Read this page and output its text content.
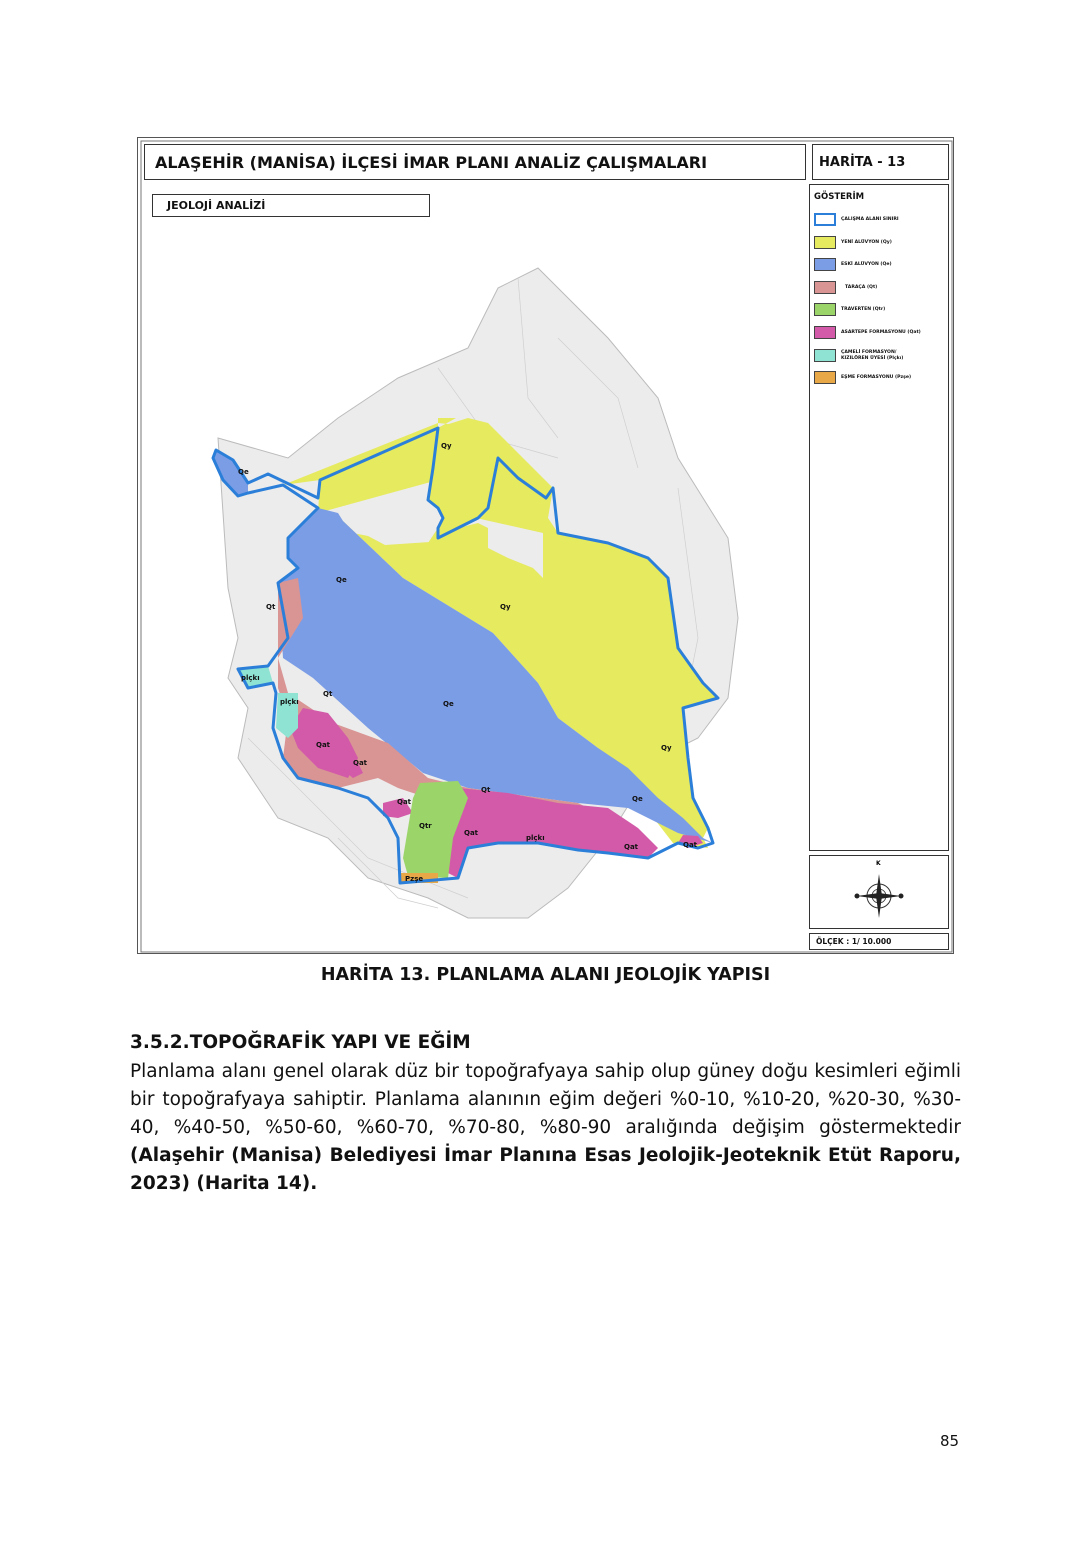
Qe
Qy
Qe
Qt	Qy
plçkı
plçkı
Qt
Qe
Qat
Qat
Qy
Qat
Qt
Qe
Qtr
Qat
plçkı
Qat	Qat
Pzşe
ALAŞEHİR (MANİSA) İLÇESİ İMAR PLANI ANALİZ ÇALIŞMALARI	HARİTA - 13
JEOLOJİ ANALİZİ
GÖSTERİM
ÇALIŞMA ALANI SINIRI
YENİ ALÜVYON (Qy)
ESKİ ALÜVYON (Qe)
TARAÇA (Qt)
TRAVERTEN (Qtr)
ASARTEPE FORMASYONU (Qat)
ÇAMELİ FORMASYON/
KIZILÖREN ÜYESİ (Plçkı)
EŞME FORMASYONU (Pzşe)
K
ÖLÇEK : 1/ 10.000
HARİTA 13. PLANLAMA ALANI JEOLOJİK YAPISI
3.5.2.TOPOĞRAFİK YAPI VE EĞİM
Planlama alanı genel olarak düz bir topoğrafyaya sahip olup güney doğu kesimleri eğimli bir topoğrafyaya sahiptir. Planlama alanının eğim değeri %0-10, %10-20, %20-30, %30-40, %40-50, %50-60, %60-70, %70-80, %80-90 aralığında değişim göstermektedir (Alaşehir (Manisa) Belediyesi İmar Planına Esas Jeolojik-Jeoteknik Etüt Raporu, 2023) (Harita 14).
85
